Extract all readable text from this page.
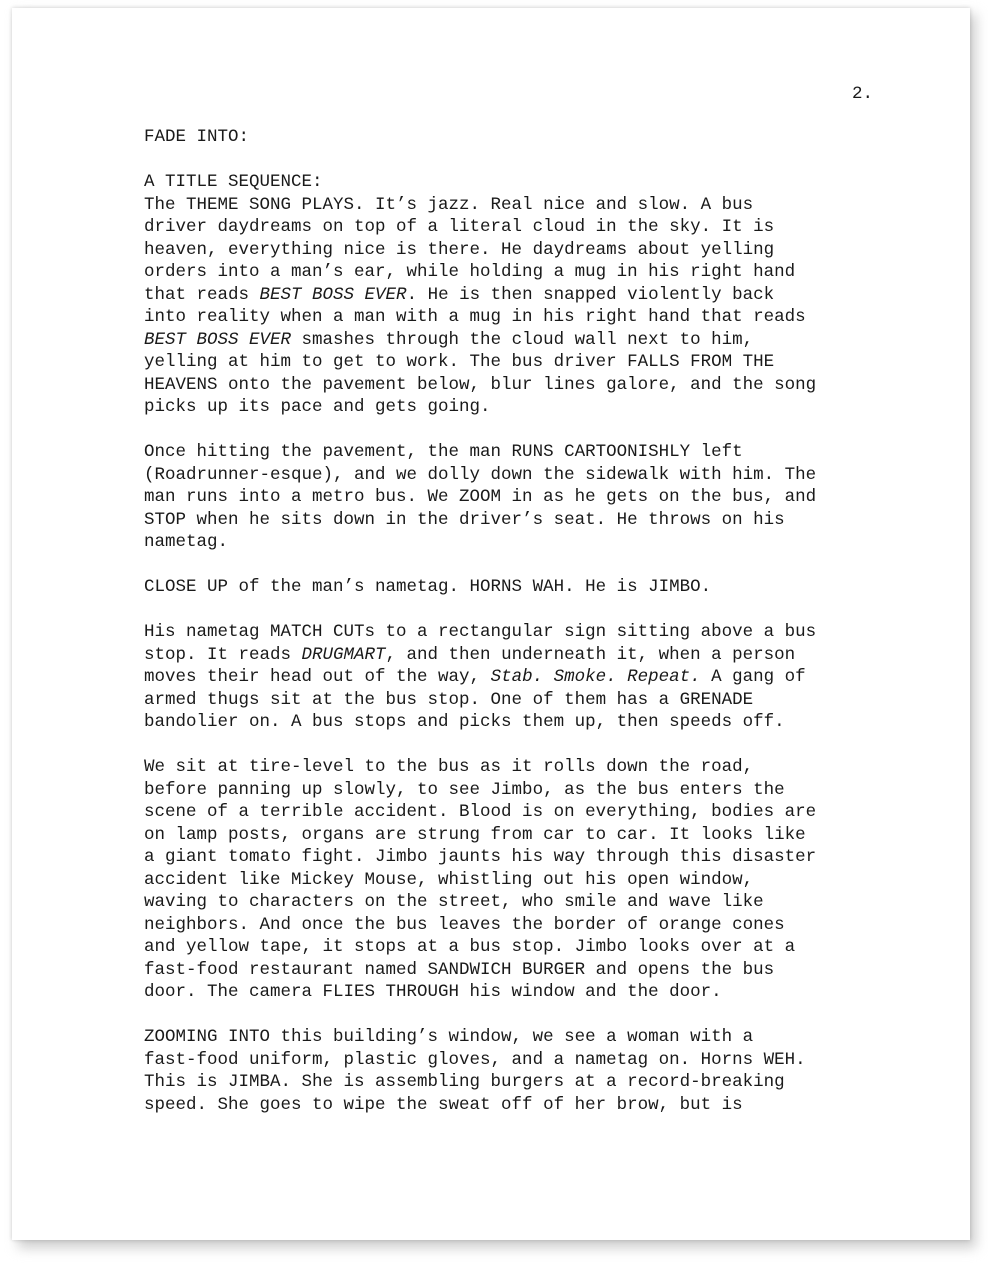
2.

FADE INTO:

A TITLE SEQUENCE:

The THEME SONG PLAYS. It’s jazz. Real nice and slow. A bus

driver daydreams on top of a literal cloud in the sky. It is

heaven, everything nice is there. He daydreams about yelling

orders into a man’s ear, while holding a mug in his right hand

that reads BEST BOSS EVER. He is then snapped violently back

into reality when a man with a mug in his right hand that reads

BEST BOSS EVER smashes through the cloud wall next to him,

yelling at him to get to work. The bus driver FALLS FROM THE

HEAVENS onto the pavement below, blur lines galore, and the song

picks up its pace and gets going.

Once hitting the pavement, the man RUNS CARTOONISHLY left

(Roadrunner-esque), and we dolly down the sidewalk with him. The

man runs into a metro bus. We ZOOM in as he gets on the bus, and

STOP when he sits down in the driver’s seat. He throws on his

nametag.

CLOSE UP of the man’s nametag. HORNS WAH. He is JIMBO.

His nametag MATCH CUTs to a rectangular sign sitting above a bus

stop. It reads DRUGMART, and then underneath it, when a person

moves their head out of the way, Stab. Smoke. Repeat. A gang of

armed thugs sit at the bus stop. One of them has a GRENADE

bandolier on. A bus stops and picks them up, then speeds off.

We sit at tire-level to the bus as it rolls down the road,

before panning up slowly, to see Jimbo, as the bus enters the

scene of a terrible accident. Blood is on everything, bodies are

on lamp posts, organs are strung from car to car. It looks like

a giant tomato fight. Jimbo jaunts his way through this disaster

accident like Mickey Mouse, whistling out his open window,

waving to characters on the street, who smile and wave like

neighbors. And once the bus leaves the border of orange cones

and yellow tape, it stops at a bus stop. Jimbo looks over at a

fast-food restaurant named SANDWICH BURGER and opens the bus

door. The camera FLIES THROUGH his window and the door.

ZOOMING INTO this building’s window, we see a woman with a

fast-food uniform, plastic gloves, and a nametag on. Horns WEH.

This is JIMBA. She is assembling burgers at a record-breaking

speed. She goes to wipe the sweat off of her brow, but is
